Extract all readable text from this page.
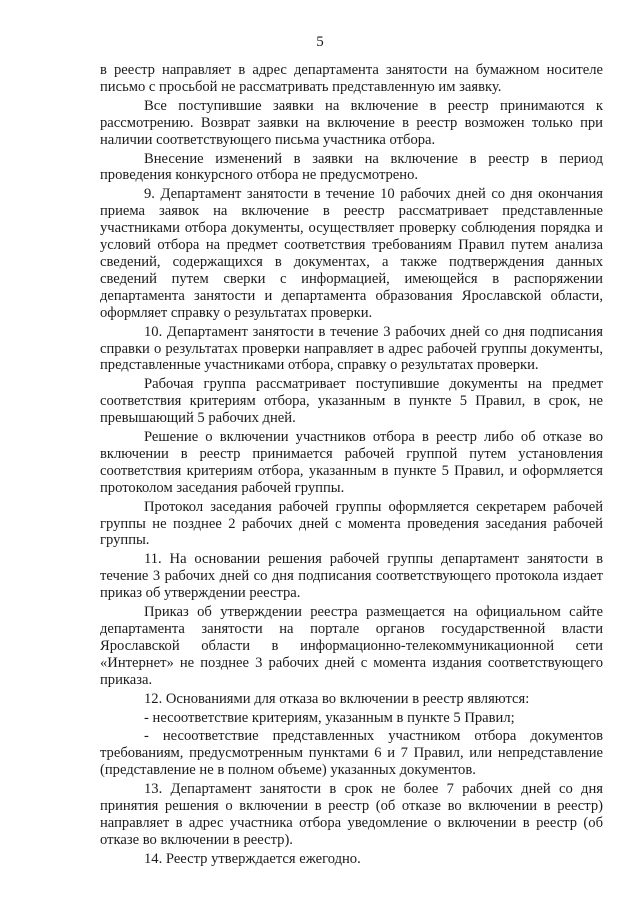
5

в реестр направляет в адрес департамента занятости на бумажном носителе письмо с просьбой не рассматривать представленную им заявку.

Все поступившие заявки на включение в реестр принимаются к рассмотрению. Возврат заявки на включение в реестр возможен только при наличии соответствующего письма участника отбора.

Внесение изменений в заявки на включение в реестр в период проведения конкурсного отбора не предусмотрено.

9. Департамент занятости в течение 10 рабочих дней со дня окончания приема заявок на включение в реестр рассматривает представленные участниками отбора документы, осуществляет проверку соблюдения порядка и условий отбора на предмет соответствия требованиям Правил путем анализа сведений, содержащихся в документах, а также подтверждения данных сведений путем сверки с информацией, имеющейся в распоряжении департамента занятости и департамента образования Ярославской области, оформляет справку о результатах проверки.

10. Департамент занятости в течение 3 рабочих дней со дня подписания справки о результатах проверки направляет в адрес рабочей группы документы, представленные участниками отбора, справку о результатах проверки.

Рабочая группа рассматривает поступившие документы на предмет соответствия критериям отбора, указанным в пункте 5 Правил, в срок, не превышающий 5 рабочих дней.

Решение о включении участников отбора в реестр либо об отказе во включении в реестр принимается рабочей группой путем установления соответствия критериям отбора, указанным в пункте 5 Правил, и оформляется протоколом заседания рабочей группы.

Протокол заседания рабочей группы оформляется секретарем рабочей группы не позднее 2 рабочих дней с момента проведения заседания рабочей группы.

11. На основании решения рабочей группы департамент занятости в течение 3 рабочих дней со дня подписания соответствующего протокола издает приказ об утверждении реестра.

Приказ об утверждении реестра размещается на официальном сайте департамента занятости на портале органов государственной власти Ярославской области в информационно-телекоммуникационной сети «Интернет» не позднее 3 рабочих дней с момента издания соответствующего приказа.

12. Основаниями для отказа во включении в реестр являются:

- несоответствие критериям, указанным в пункте 5 Правил;

- несоответствие представленных участником отбора документов требованиям, предусмотренным пунктами 6 и 7 Правил, или непредставление (представление не в полном объеме) указанных документов.

13. Департамент занятости в срок не более 7 рабочих дней со дня принятия решения о включении в реестр (об отказе во включении в реестр) направляет в адрес участника отбора уведомление о включении в реестр (об отказе во включении в реестр).

14. Реестр утверждается ежегодно.
